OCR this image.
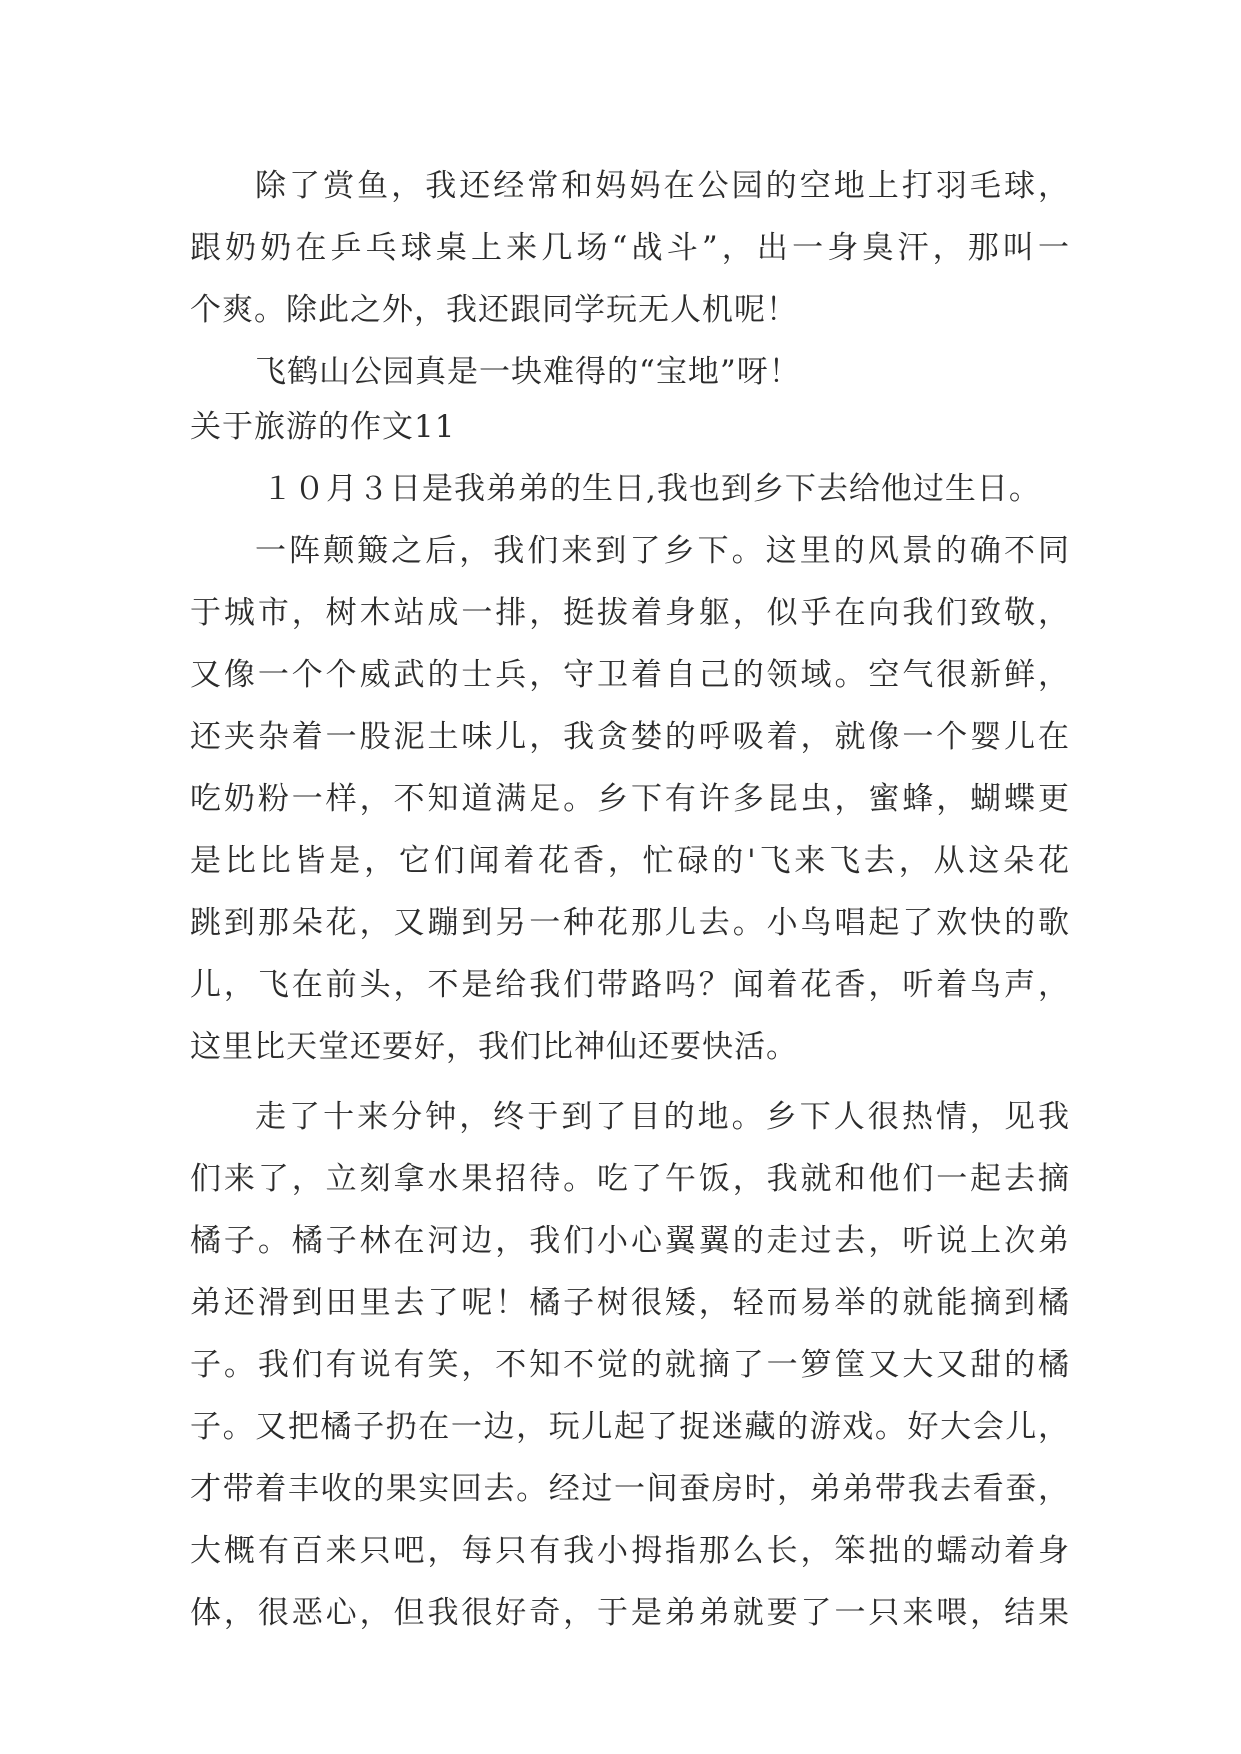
除了赏鱼，我还经常和妈妈在公园的空地上打羽毛球，
跟奶奶在乒乓球桌上来几场“战斗”，出一身臭汗，那叫一
个爽。除此之外，我还跟同学玩无人机呢！
飞鹤山公园真是一块难得的“宝地”呀！
关于旅游的作文11
１０月３日是我弟弟的生日,我也到乡下去给他过生日。
一阵颠簸之后，我们来到了乡下。这里的风景的确不同
于城市，树木站成一排，挺拔着身躯，似乎在向我们致敬，
又像一个个威武的士兵，守卫着自己的领域。空气很新鲜，
还夹杂着一股泥土味儿，我贪婪的呼吸着，就像一个婴儿在
吃奶粉一样，不知道满足。乡下有许多昆虫，蜜蜂，蝴蝶更
是比比皆是，它们闻着花香，忙碌的'飞来飞去，从这朵花
跳到那朵花，又蹦到另一种花那儿去。小鸟唱起了欢快的歌
儿，飞在前头，不是给我们带路吗？闻着花香，听着鸟声，
这里比天堂还要好，我们比神仙还要快活。
走了十来分钟，终于到了目的地。乡下人很热情，见我
们来了，立刻拿水果招待。吃了午饭，我就和他们一起去摘
橘子。橘子林在河边，我们小心翼翼的走过去，听说上次弟
弟还滑到田里去了呢！橘子树很矮，轻而易举的就能摘到橘
子。我们有说有笑，不知不觉的就摘了一箩筐又大又甜的橘
子。又把橘子扔在一边，玩儿起了捉迷藏的游戏。好大会儿，
才带着丰收的果实回去。经过一间蚕房时，弟弟带我去看蚕，
大概有百来只吧，每只有我小拇指那么长，笨拙的蠕动着身
体，很恶心，但我很好奇，于是弟弟就要了一只来喂，结果
